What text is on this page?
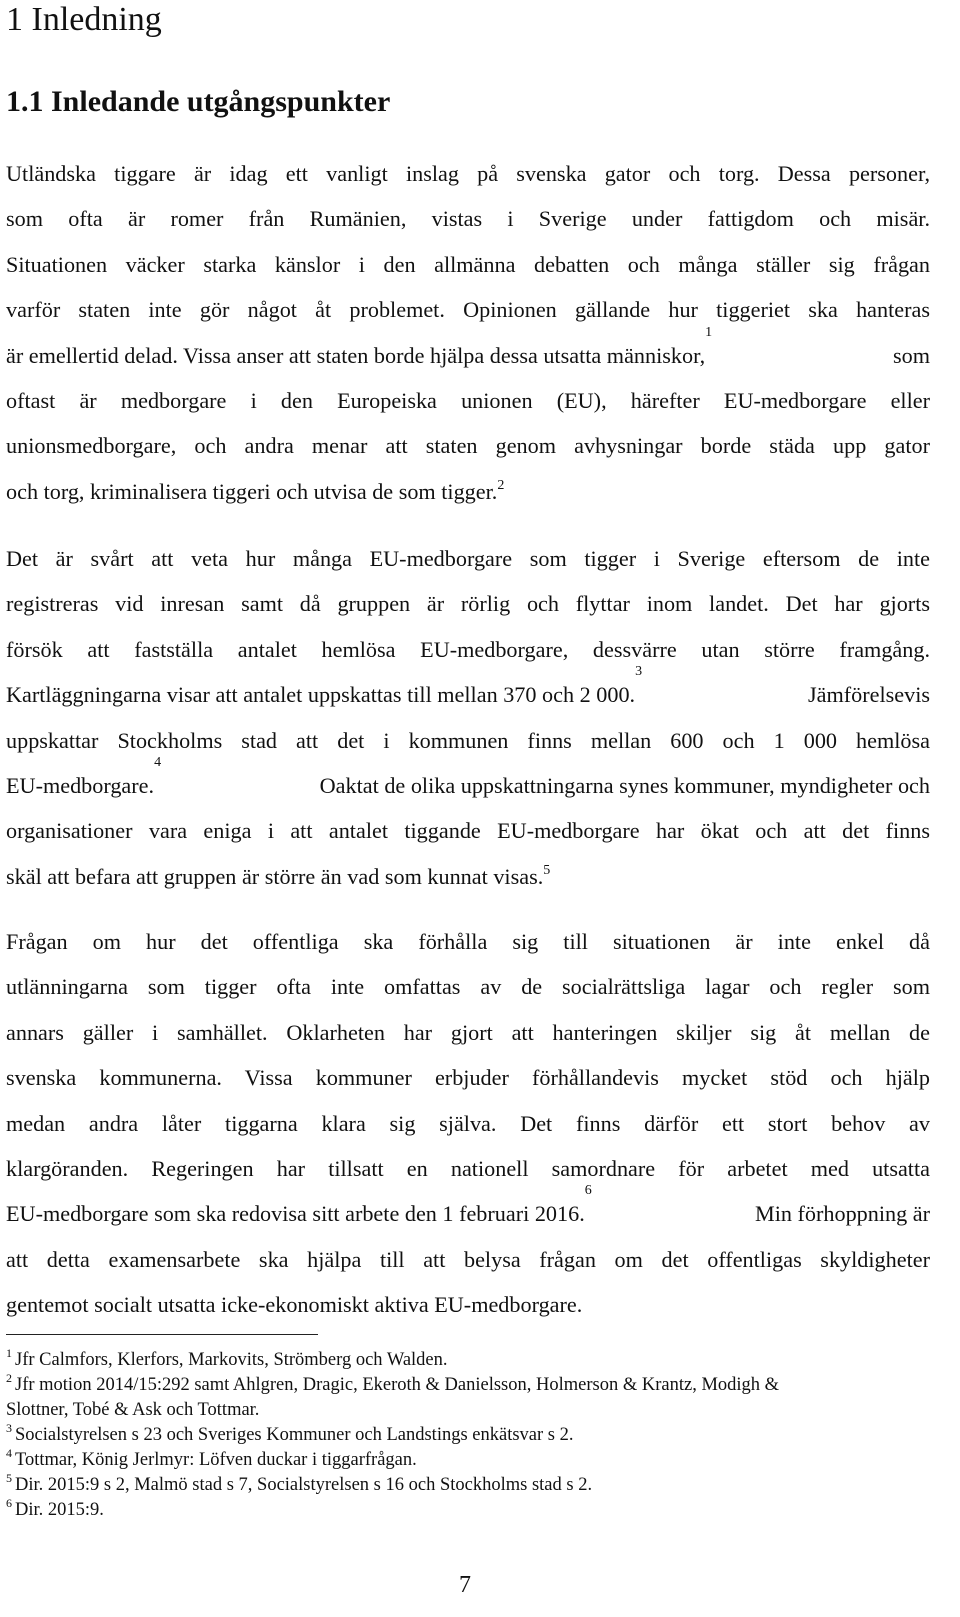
1 Inledning
1.1 Inledande utgångspunkter
Utländska tiggare är idag ett vanligt inslag på svenska gator och torg. Dessa personer,
som ofta är romer från Rumänien, vistas i Sverige under fattigdom och misär.
Situationen väcker starka känslor i den allmänna debatten och många ställer sig frågan
varför staten inte gör något åt problemet. Opinionen gällande hur tiggeriet ska hanteras
är emellertid delad. Vissa anser att staten borde hjälpa dessa utsatta människor,
1
som
oftast är medborgare i den Europeiska unionen (EU), härefter EU-medborgare eller
unionsmedborgare, och andra menar att staten genom avhysningar borde städa upp gator
och torg, kriminalisera tiggeri och utvisa de som tigger.$^2$
Det är svårt att veta hur många EU-medborgare som tigger i Sverige eftersom de inte
registreras vid inresan samt då gruppen är rörlig och flyttar inom landet. Det har gjorts
försök att fastställa antalet hemlösa EU-medborgare, dessvärre utan större framgång.
Kartläggningarna visar att antalet uppskattas till mellan 370 och 2 000.
3
Jämförelsevis
uppskattar Stockholms stad att det i kommunen finns mellan 600 och 1 000 hemlösa
EU-medborgare.
4
Oaktat de olika uppskattningarna synes kommuner, myndigheter och
organisationer vara eniga i att antalet tiggande EU-medborgare har ökat och att det finns
skäl att befara att gruppen är större än vad som kunnat visas.$^5$
Frågan om hur det offentliga ska förhålla sig till situationen är inte enkel då
utlänningarna som tigger ofta inte omfattas av de socialrättsliga lagar och regler som
annars gäller i samhället. Oklarheten har gjort att hanteringen skiljer sig åt mellan de
svenska kommunerna. Vissa kommuner erbjuder förhållandevis mycket stöd och hjälp
medan andra låter tiggarna klara sig själva. Det finns därför ett stort behov av
klargöranden. Regeringen har tillsatt en nationell samordnare för arbetet med utsatta
EU-medborgare som ska redovisa sitt arbete den 1 februari 2016.
6
Min förhoppning är
att detta examensarbete ska hjälpa till att belysa frågan om det offentligas skyldigheter
gentemot socialt utsatta icke-ekonomiskt aktiva EU-medborgare.
$^1$ Jfr Calmfors, Klerfors, Markovits, Strömberg och Walden.
$^2$ Jfr motion 2014/15:292 samt Ahlgren, Dragic, Ekeroth & Danielsson, Holmerson & Krantz, Modigh &
Slottner, Tobé & Ask och Tottmar.
$^3$ Socialstyrelsen s 23 och Sveriges Kommuner och Landstings enkätsvar s 2.
$^4$ Tottmar, König Jerlmyr: Löfven duckar i tiggarfrågan.
$^5$ Dir. 2015:9 s 2, Malmö stad s 7, Socialstyrelsen s 16 och Stockholms stad s 2.
$^6$ Dir. 2015:9.
7
